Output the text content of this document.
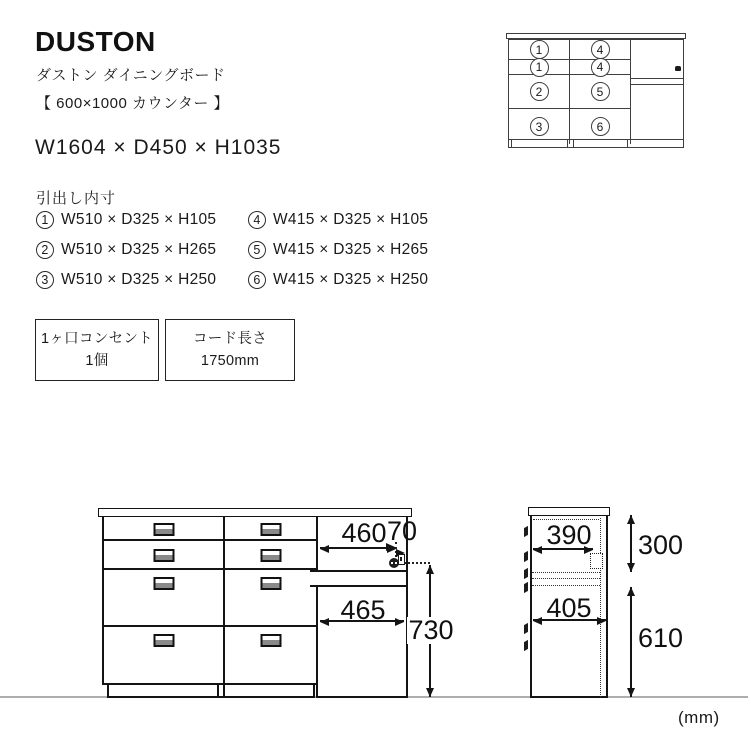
DUSTON
ダストン ダイニングボード
【 600×1000 カウンター 】
W1604 × D450 × H1035
引出し内寸
1 W510 × D325 × H105	4 W415 × D325 × H105
2 W510 × D325 × H265	5 W415 × D325 × H265
3 W510 × D325 × H250	6 W415 × D325 × H250
1ヶ口コンセント
1個
コード長さ
1750mm
1	4
1	4
2	5
3	6
460 70
730
465
390
405
300
610
(mm)
